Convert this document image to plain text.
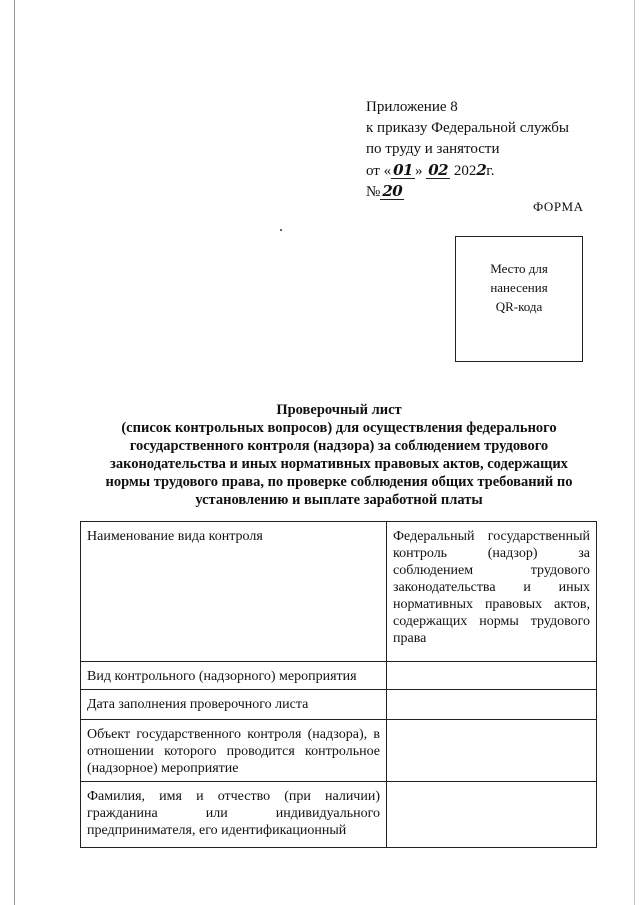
Приложение 8
к приказу Федеральной службы
по труду и занятости
от « 01 » 02 2022г.
№ 20
ФОРМА
Место для
нанесения
QR-кода
Проверочный лист
(список контрольных вопросов) для осуществления федерального
государственного контроля (надзора) за соблюдением трудового
законодательства и иных нормативных правовых актов, содержащих
нормы трудового права, по проверке соблюдения общих требований по
установлению и выплате заработной платы
Наименование вида контроля	Федеральный государственный контроль (надзор) за соблюдением трудового законодательства и иных нормативных правовых актов, содержащих нормы трудового права
Вид контрольного (надзорного) мероприятия	
Дата заполнения проверочного листа	
Объект государственного контроля (надзора), в отношении которого проводится контрольное (надзорное) мероприятие	
Фамилия, имя и отчество (при наличии) гражданина или индивидуального предпринимателя, его идентификационный	
